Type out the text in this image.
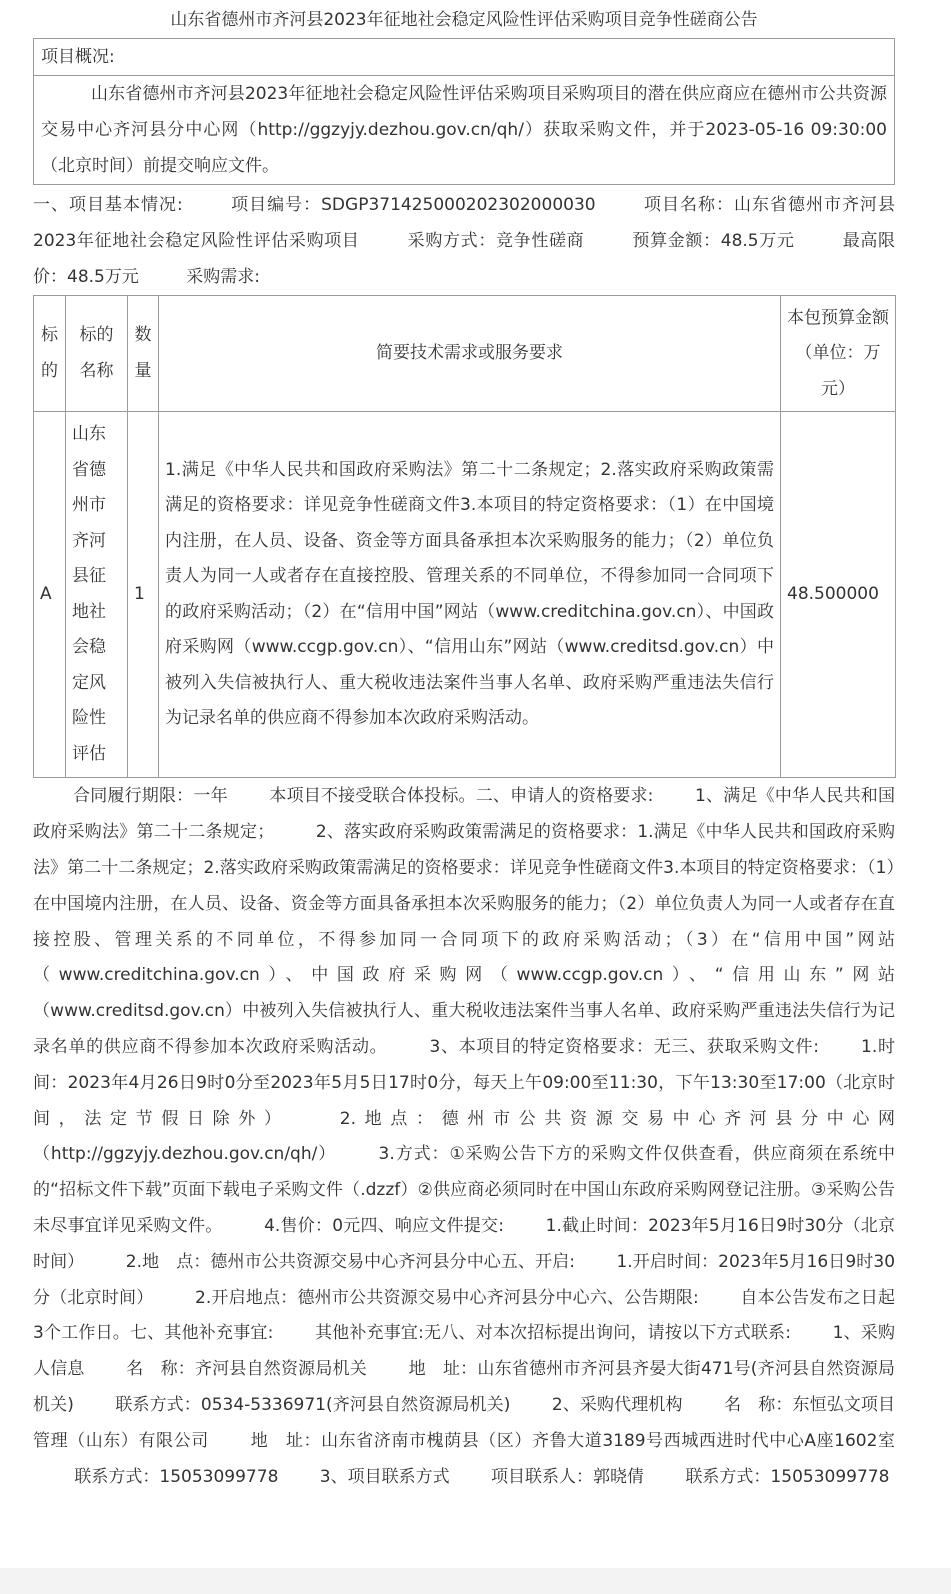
山东省德州市齐河县2023年征地社会稳定风险性评估采购项目竞争性磋商公告
项目概况:
山东省德州市齐河县2023年征地社会稳定风险性评估采购项目采购项目的潜在供应商应在德州市公共资源交易中心齐河县分中心网（http://ggzyjy.dezhou.gov.cn/qh/）获取采购文件，并于2023-05-16 09:30:00（北京时间）前提交响应文件。
一、项目基本情况:	项目编号：SDGP371425000202302000030	项目名称：山东省德州市齐河县2023年征地社会稳定风险性评估采购项目	采购方式：竞争性磋商	预算金额：48.5万元	最高限价：48.5万元	采购需求:
标的	标的名称	数量	简要技术需求或服务要求	本包预算金额（单位：万元）
A	山东省德州市齐河县征地社会稳定风险性评估	1	1.满足《中华人民共和国政府采购法》第二十二条规定；2.落实政府采购政策需满足的资格要求：详见竞争性磋商文件3.本项目的特定资格要求：（1）在中国境内注册，在人员、设备、资金等方面具备承担本次采购服务的能力；（2）单位负责人为同一人或者存在直接控股、管理关系的不同单位，不得参加同一合同项下的政府采购活动；（2）在“信用中国”网站（www.creditchina.gov.cn）、中国政府采购网（www.ccgp.gov.cn）、“信用山东”网站（www.creditsd.gov.cn）中被列入失信被执行人、重大税收违法案件当事人名单、政府采购严重违法失信行为记录名单的供应商不得参加本次政府采购活动。	48.500000
合同履行期限：一年 本项目不接受联合体投标。二、申请人的资格要求: 1、满足《中华人民共和国政府采购法》第二十二条规定； 2、落实政府采购政策需满足的资格要求：1.满足《中华人民共和国政府采购法》第二十二条规定；2.落实政府采购政策需满足的资格要求：详见竞争性磋商文件3.本项目的特定资格要求：（1）在中国境内注册，在人员、设备、资金等方面具备承担本次采购服务的能力；（2）单位负责人为同一人或者存在直接控股、管理关系的不同单位，不得参加同一合同项下的政府采购活动；（3）在“信用中国”网站（www.creditchina.gov.cn）、中国政府采购网（www.ccgp.gov.cn）、“信用山东”网站（www.creditsd.gov.cn）中被列入失信被执行人、重大税收违法案件当事人名单、政府采购严重违法失信行为记录名单的供应商不得参加本次政府采购活动。 3、本项目的特定资格要求：无三、获取采购文件: 1.时间：2023年4月26日9时0分至2023年5月5日17时0分，每天上午09:00至11:30，下午13:30至17:00（北京时间，法定节假日除外）	2.地点：德州市公共资源交易中心齐河县分中心网（http://ggzyjy.dezhou.gov.cn/qh/） 3.方式：①采购公告下方的采购文件仅供查看，供应商须在系统中的“招标文件下载”页面下载电子采购文件（.dzzf）②供应商必须同时在中国山东政府采购网登记注册。③采购公告未尽事宜详见采购文件。 4.售价：0元四、响应文件提交: 1.截止时间：2023年5月16日9时30分（北京时间） 2.地　点：德州市公共资源交易中心齐河县分中心五、开启: 1.开启时间：2023年5月16日9时30分（北京时间） 2.开启地点：德州市公共资源交易中心齐河县分中心六、公告期限: 自本公告发布之日起3个工作日。七、其他补充事宜: 其他补充事宜:无八、对本次招标提出询问，请按以下方式联系: 1、采购人信息 名　称：齐河县自然资源局机关 地　址：山东省德州市齐河县齐晏大街471号(齐河县自然资源局机关) 联系方式：0534-5336971(齐河县自然资源局机关) 2、采购代理机构 名　称：东恒弘文项目管理（山东）有限公司 地　址：山东省济南市槐荫县（区）齐鲁大道3189号西城西进时代中心A座1602室 联系方式：15053099778 3、项目联系方式 项目联系人：郭晓倩 联系方式：15053099778
